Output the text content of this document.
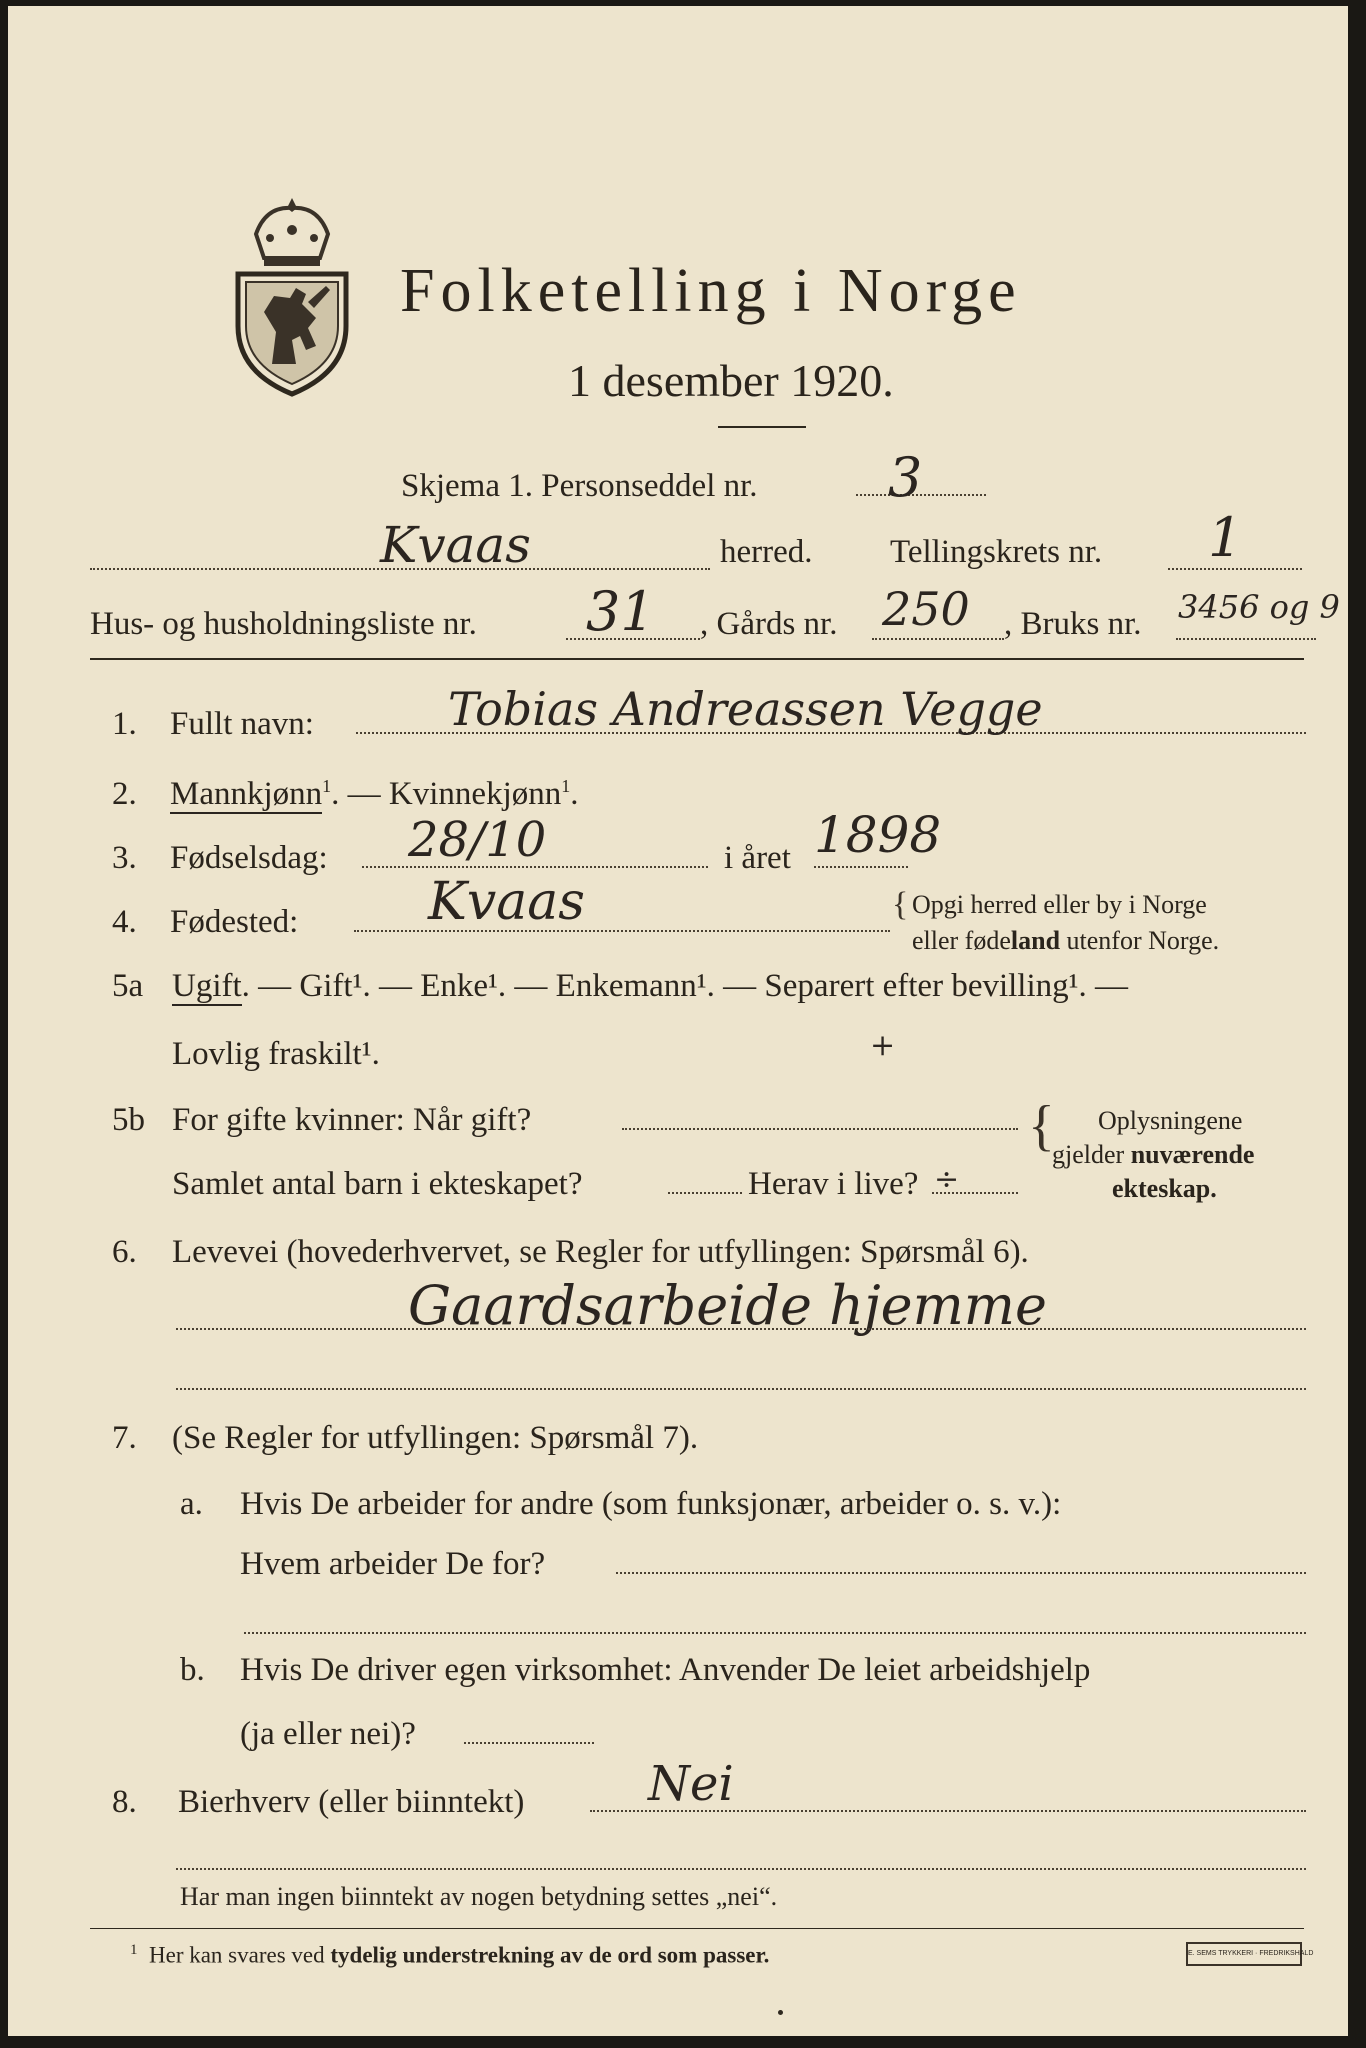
Folketelling i Norge
1 desember 1920.
Skjema 1. Personseddel nr. 3
Kvaas	herred. Tellingskrets nr. 1
Hus- og husholdningsliste nr. 31 , Gårds nr. 250 , Bruks nr. 3456 og 9
1. Fullt navn:	Tobias Andreassen Vegge
2. Mannkjønn$^1$. — Kvinnekjønn$^1$.
3. Fødselsdag: 28/10	i året 1898
4. Fødested: Kvaas	{ Opgi herred eller by i Norge
eller fødeland utenfor Norge.
5a Ugift. — Gift¹. — Enke¹. — Enkemann¹. — Separert efter bevilling¹. —
Lovlig fraskilt¹.	+
5b For gifte kvinner: Når gift?
Samlet antal barn i ekteskapet?	Herav i live? ÷
{ Oplysningene
gjelder nuværende
ekteskap.
6. Levevei (hovederhvervet, se Regler for utfyllingen: Spørsmål 6).
Gaardsarbeide hjemme
7. (Se Regler for utfyllingen: Spørsmål 7).
a. Hvis De arbeider for andre (som funksjonær, arbeider o. s. v.):
Hvem arbeider De for?
b. Hvis De driver egen virksomhet: Anvender De leiet arbeidshjelp
(ja eller nei)?
8. Bierhverv (eller biinntekt)	Nei
Har man ingen biinntekt av nogen betydning settes „nei“.
$^1$ Her kan svares ved tydelig understrekning av de ord som passer.	E. SEMS TRYKKERI · FREDRIKSHALD
